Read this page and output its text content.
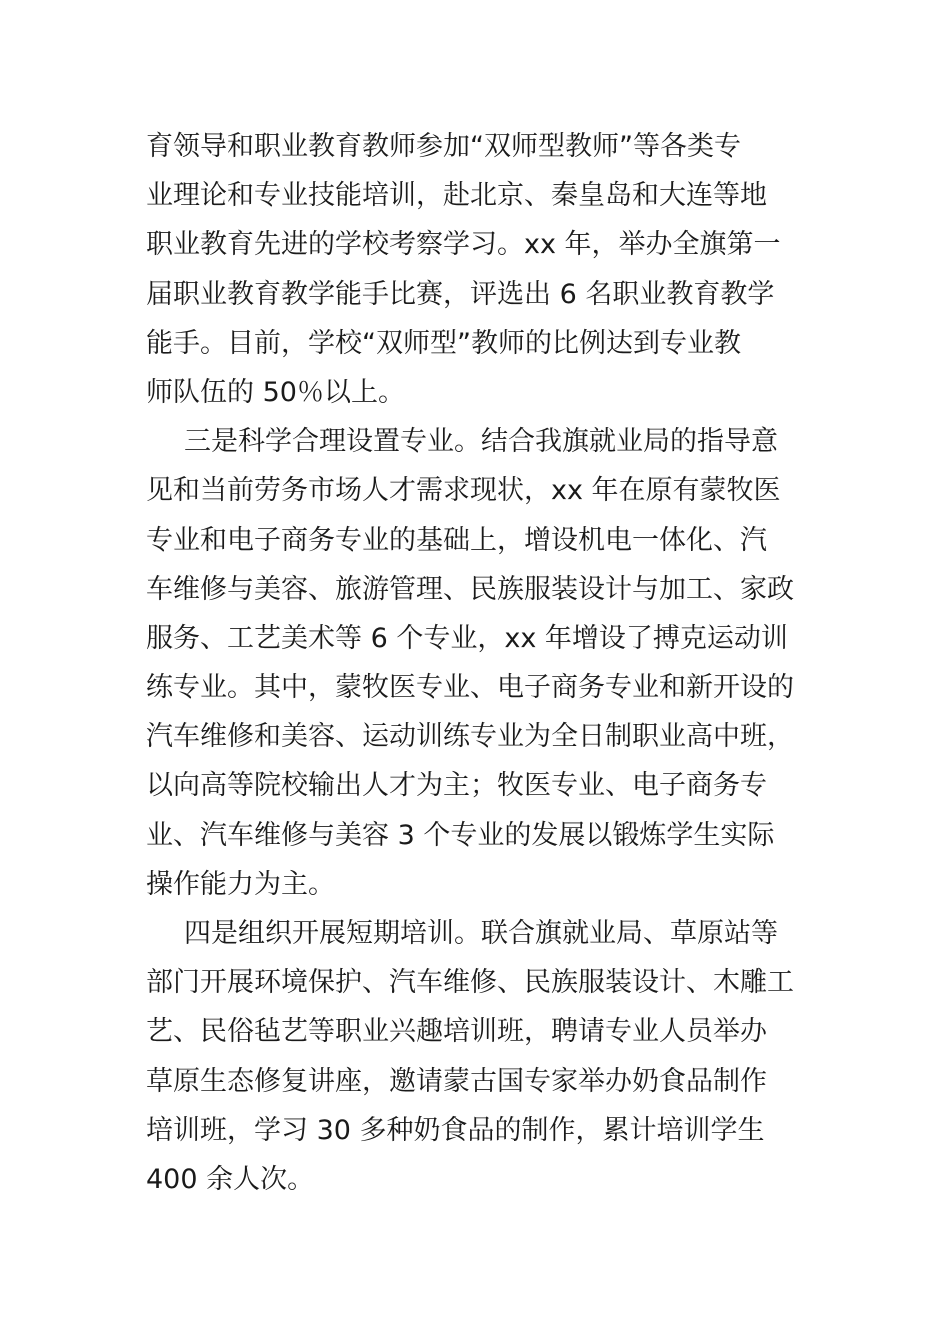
育领导和职业教育教师参加“双师型教师”等各类专
业理论和专业技能培训，赴北京、秦皇岛和大连等地
职业教育先进的学校考察学习。xx 年，举办全旗第一
届职业教育教学能手比赛，评选出 6 名职业教育教学
能手。目前，学校“双师型”教师的比例达到专业教
师队伍的 50％以上。
三是科学合理设置专业。结合我旗就业局的指导意
见和当前劳务市场人才需求现状，xx 年在原有蒙牧医
专业和电子商务专业的基础上，增设机电一体化、汽
车维修与美容、旅游管理、民族服装设计与加工、家政
服务、工艺美术等 6 个专业，xx 年增设了搏克运动训
练专业。其中，蒙牧医专业、电子商务专业和新开设的
汽车维修和美容、运动训练专业为全日制职业高中班，
以向高等院校输出人才为主；牧医专业、电子商务专
业、汽车维修与美容 3 个专业的发展以锻炼学生实际
操作能力为主。
四是组织开展短期培训。联合旗就业局、草原站等
部门开展环境保护、汽车维修、民族服装设计、木雕工
艺、民俗毡艺等职业兴趣培训班，聘请专业人员举办
草原生态修复讲座，邀请蒙古国专家举办奶食品制作
培训班，学习 30 多种奶食品的制作，累计培训学生
400 余人次。
